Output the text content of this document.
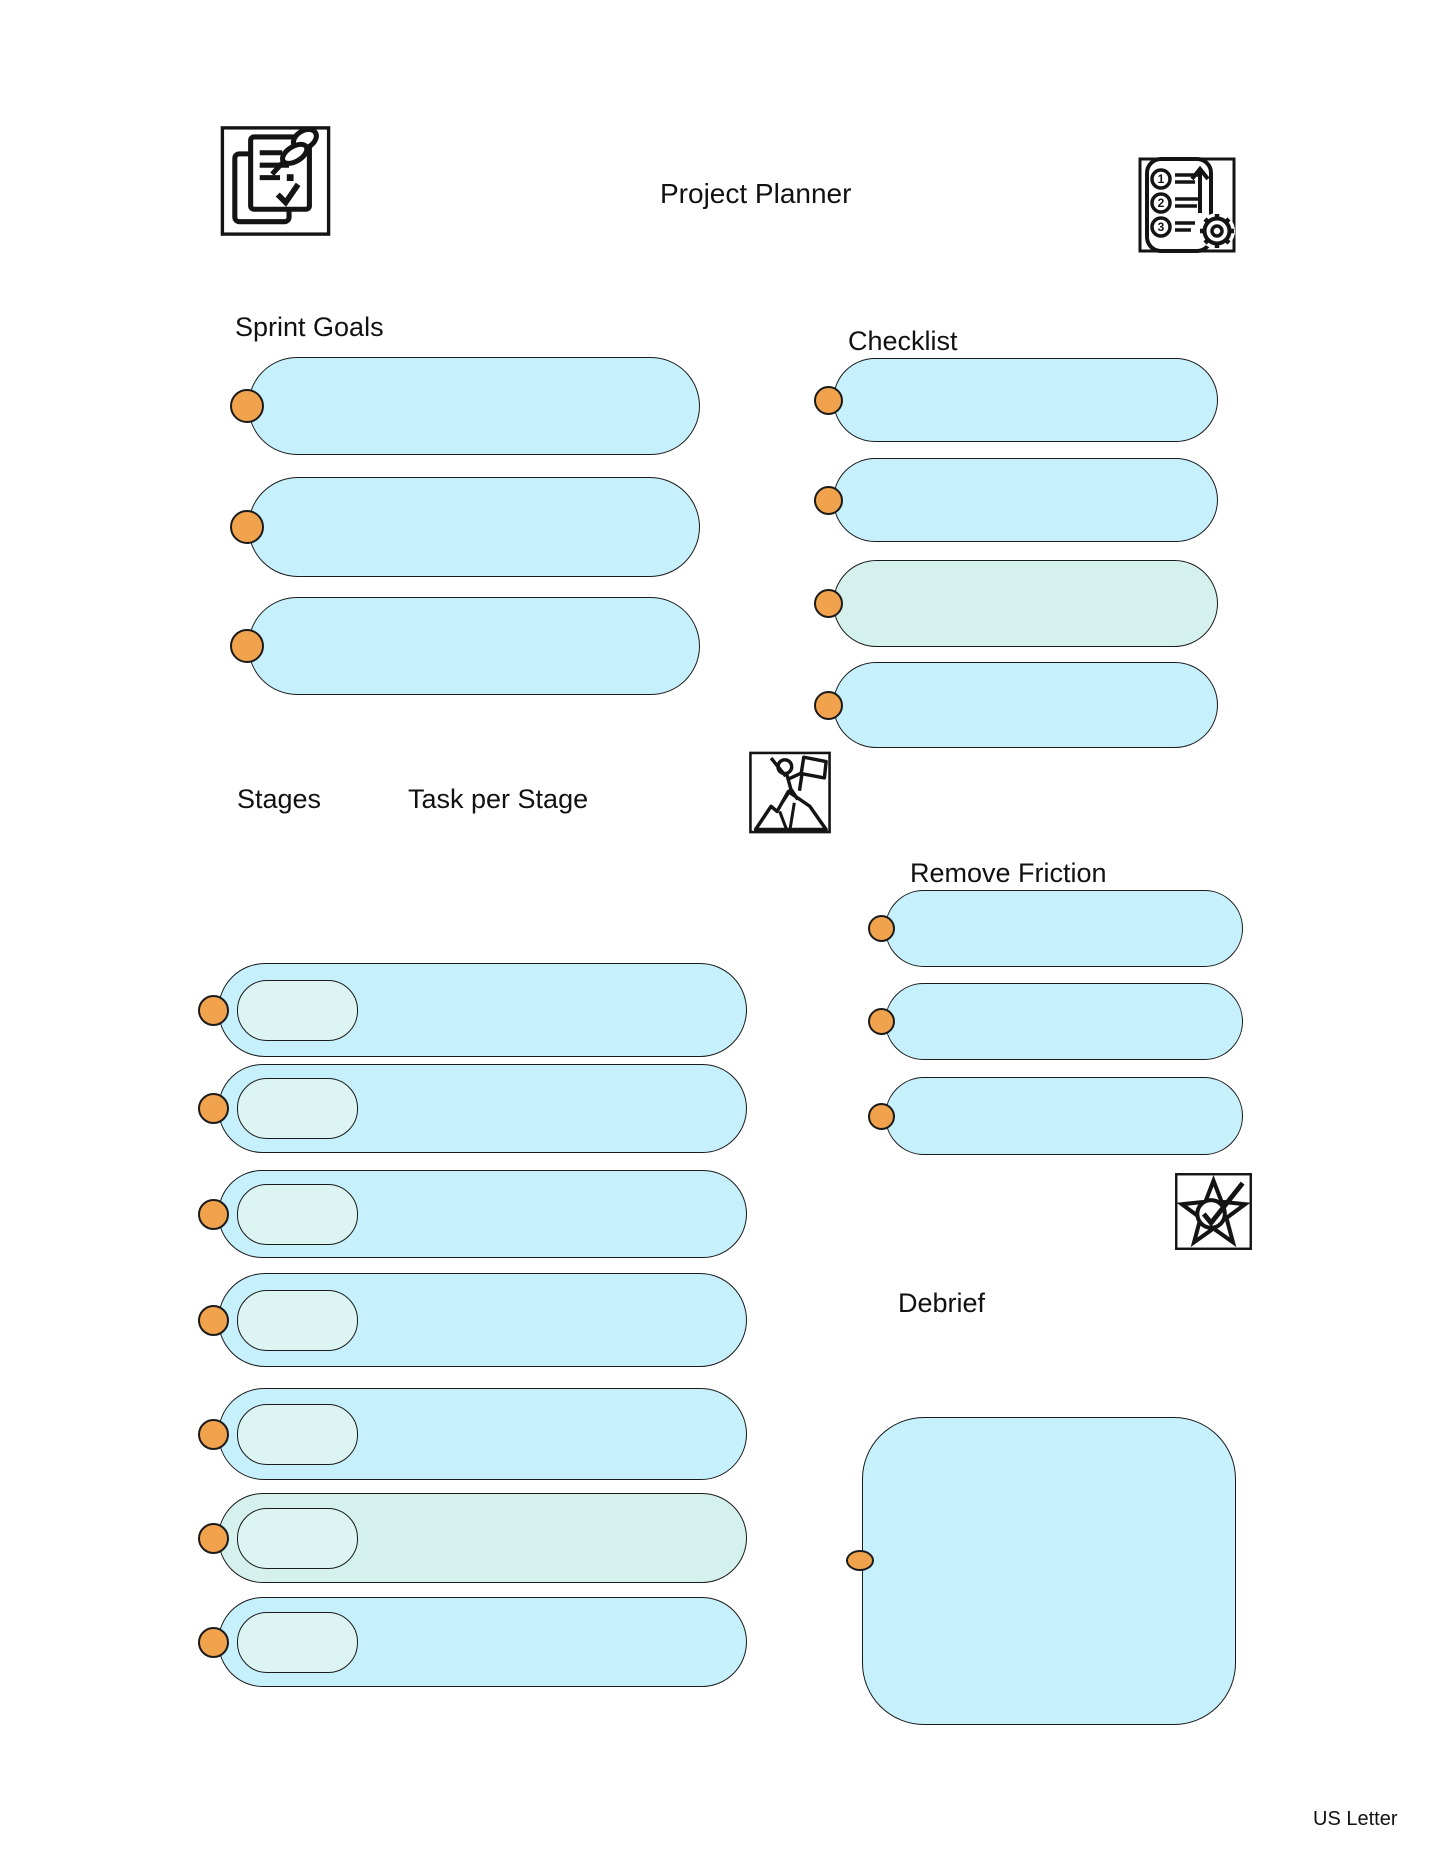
Project Planner	1
2
3
Sprint Goals	Checklist
Stages	Task per Stage
Remove Friction
Debrief
US Letter
